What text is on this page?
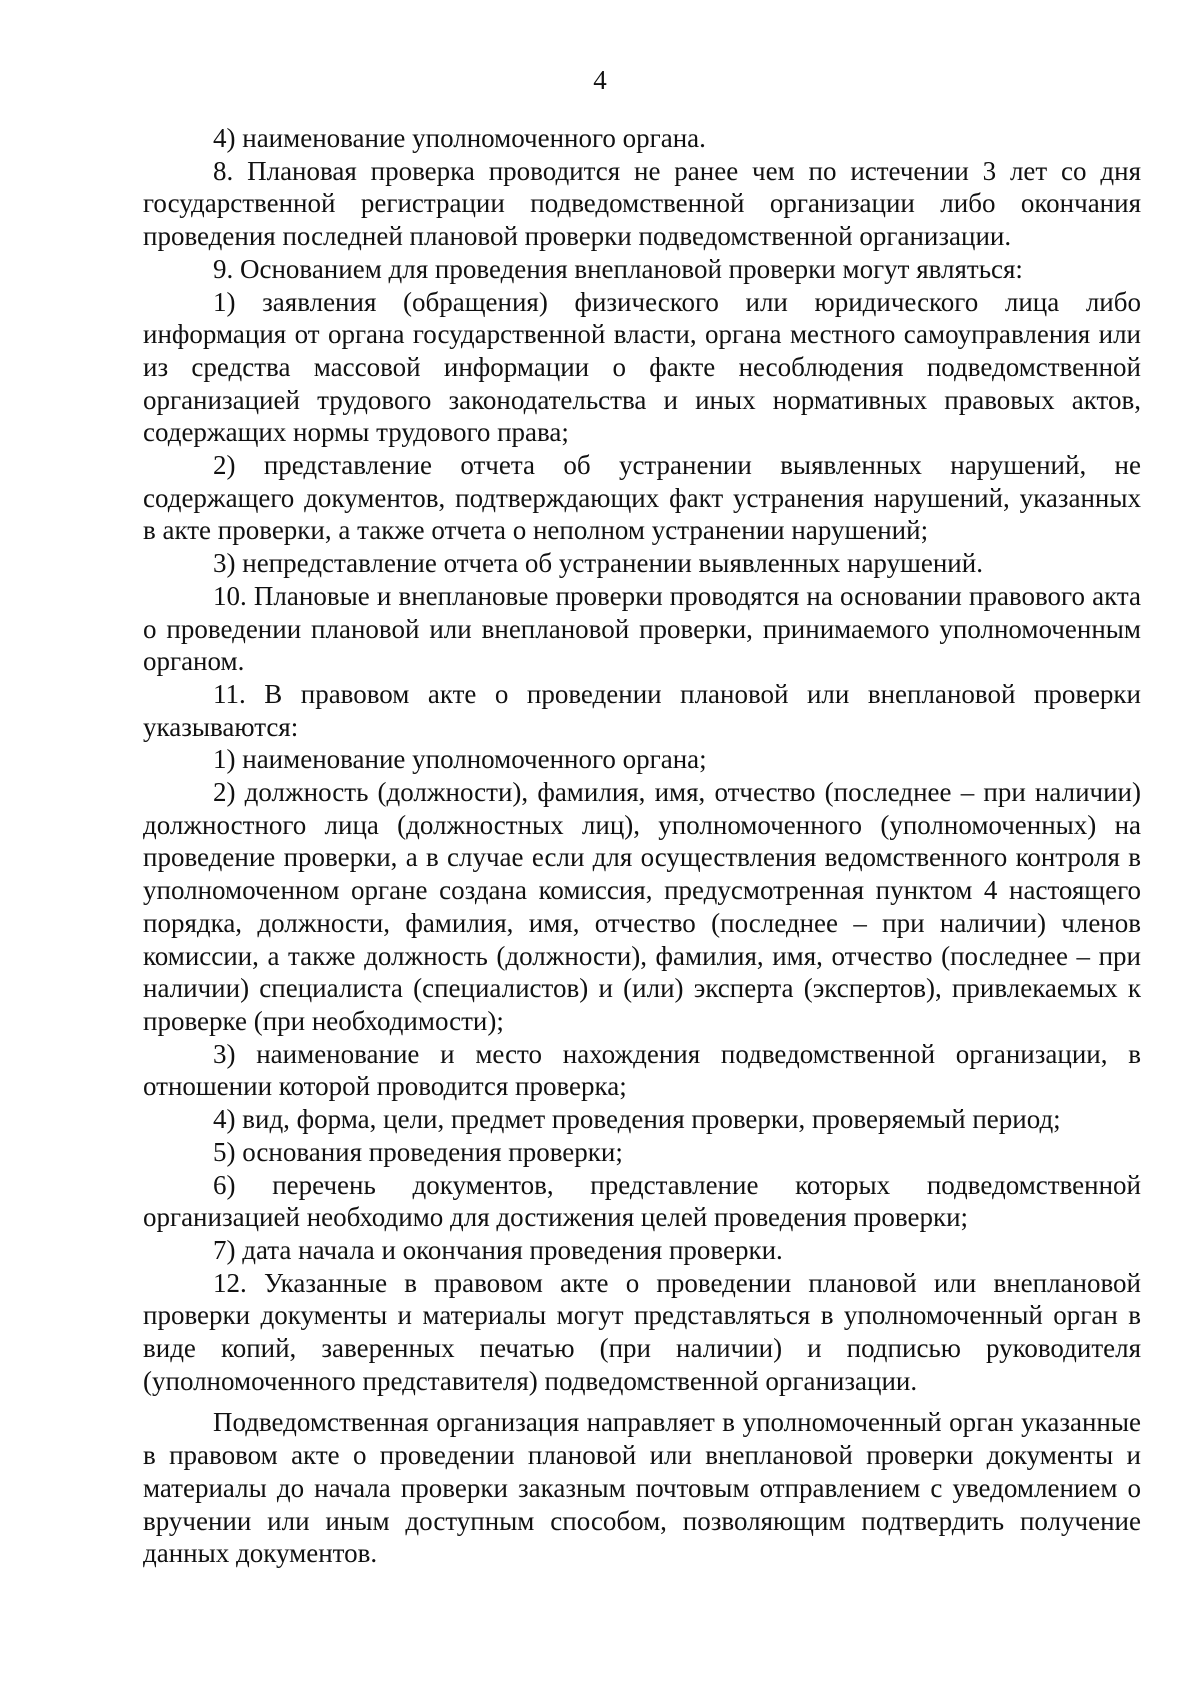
4

4) наименование уполномоченного органа.

8. Плановая проверка проводится не ранее чем по истечении 3 лет со дня государственной регистрации подведомственной организации либо окончания проведения последней плановой проверки подведомственной организации.

9. Основанием для проведения внеплановой проверки могут являться:

1) заявления (обращения) физического или юридического лица либо информация от органа государственной власти, органа местного самоуправления или из средства массовой информации о факте несоблюдения подведомственной организацией трудового законодательства и иных нормативных правовых актов, содержащих нормы трудового права;

2) представление отчета об устранении выявленных нарушений, не содержащего документов, подтверждающих факт устранения нарушений, указанных в акте проверки, а также отчета о неполном устранении нарушений;

3) непредставление отчета об устранении выявленных нарушений.

10. Плановые и внеплановые проверки проводятся на основании правового акта о проведении плановой или внеплановой проверки, принимаемого уполномоченным органом.

11. В правовом акте о проведении плановой или внеплановой проверки указываются:

1) наименование уполномоченного органа;

2) должность (должности), фамилия, имя, отчество (последнее – при наличии) должностного лица (должностных лиц), уполномоченного (уполномоченных) на проведение проверки, а в случае если для осуществления ведомственного контроля в уполномоченном органе создана комиссия, предусмотренная пунктом 4 настоящего порядка, должности, фамилия, имя, отчество (последнее – при наличии) членов комиссии, а также должность (должности), фамилия, имя, отчество (последнее – при наличии) специалиста (специалистов) и (или) эксперта (экспертов), привлекаемых к проверке (при необходимости);

3) наименование и место нахождения подведомственной организации, в отношении которой проводится проверка;

4) вид, форма, цели, предмет проведения проверки, проверяемый период;

5) основания проведения проверки;

6) перечень документов, представление которых подведомственной организацией необходимо для достижения целей проведения проверки;

7) дата начала и окончания проведения проверки.

12. Указанные в правовом акте о проведении плановой или внеплановой проверки документы и материалы могут представляться в уполномоченный орган в виде копий, заверенных печатью (при наличии) и подписью руководителя (уполномоченного представителя) подведомственной организации.

Подведомственная организация направляет в уполномоченный орган указанные в правовом акте о проведении плановой или внеплановой проверки документы и материалы до начала проверки заказным почтовым отправлением с уведомлением о вручении или иным доступным способом, позволяющим подтвердить получение данных документов.
